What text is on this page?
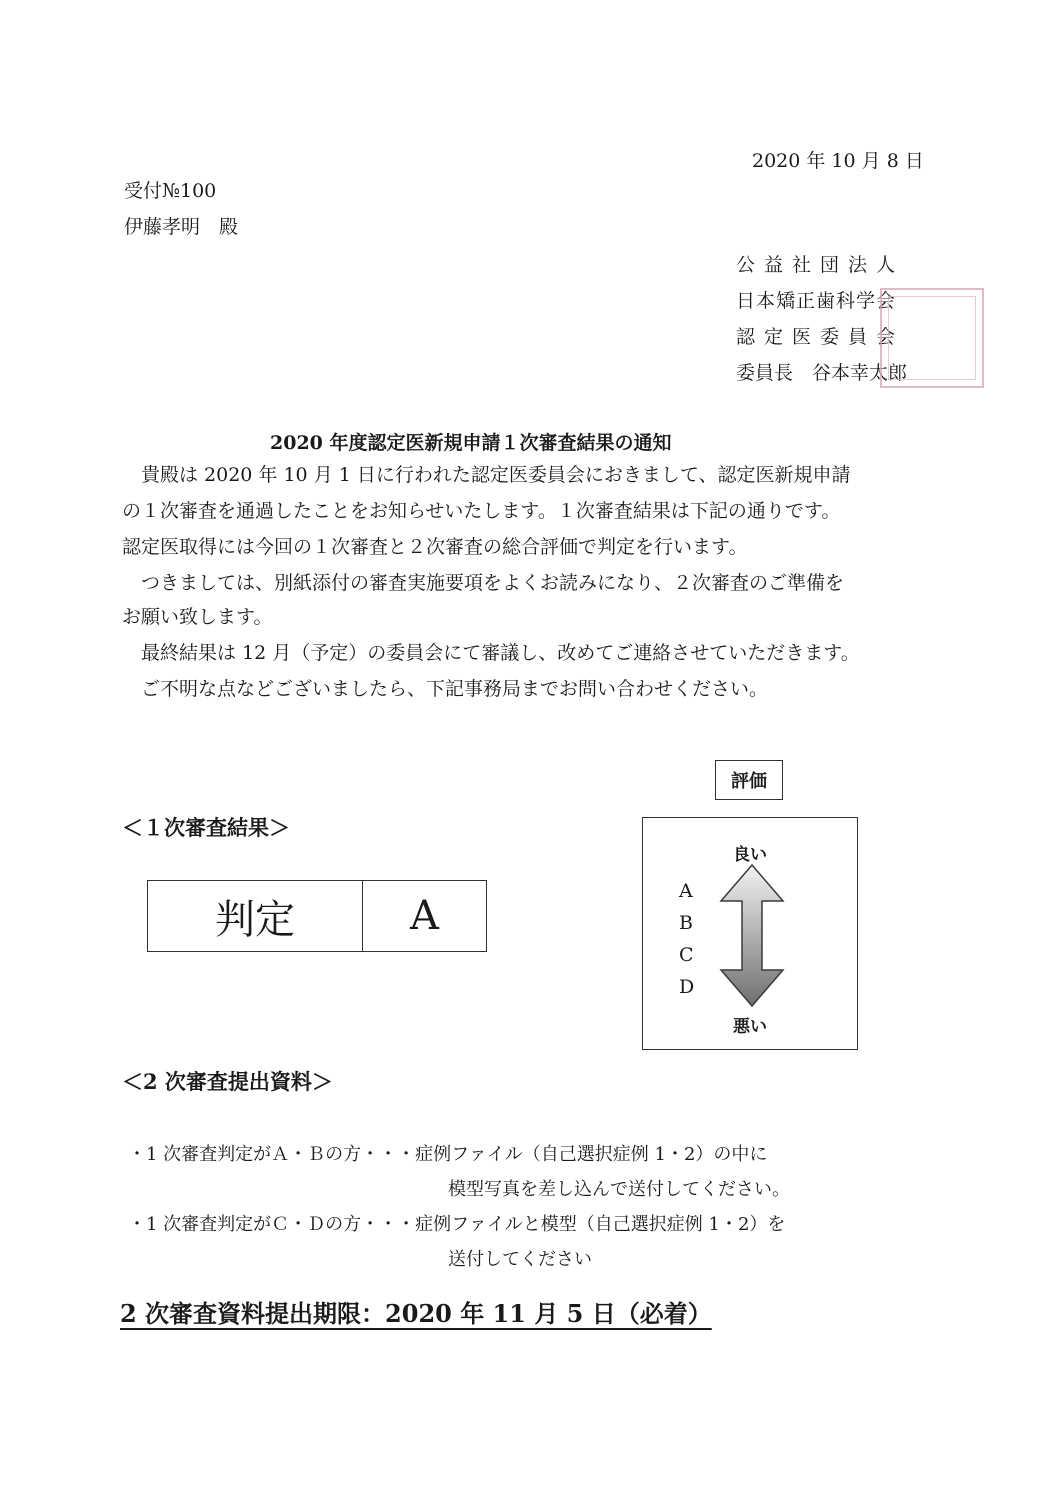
2020 年 10 月 8 日
受付№100
伊藤孝明　殿
公益社団法人
日本矯正歯科学会
認定医委員会
委員長　谷本幸太郎
2020 年度認定医新規申請１次審査結果の通知
　貴殿は 2020 年 10 月 1 日に行われた認定医委員会におきまして、認定医新規申請
の１次審査を通過したことをお知らせいたします。１次審査結果は下記の通りです。
認定医取得には今回の１次審査と２次審査の総合評価で判定を行います。
　つきましては、別紙添付の審査実施要項をよくお読みになり、２次審査のご準備を
お願い致します。
　最終結果は 12 月（予定）の委員会にて審議し、改めてご連絡させていただきます。
　ご不明な点などございましたら、下記事務局までお問い合わせください。
＜１次審査結果＞
判定	A
評価
良い
A
B
C
D
悪い
＜2 次審査提出資料＞
・1 次審査判定がＡ・Ｂの方・・・症例ファイル（自己選択症例 1・2）の中に
模型写真を差し込んで送付してください。
・1 次審査判定がＣ・Ｄの方・・・症例ファイルと模型（自己選択症例 1・2）を
送付してください
2 次審査資料提出期限：2020 年 11 月 5 日（必着）
